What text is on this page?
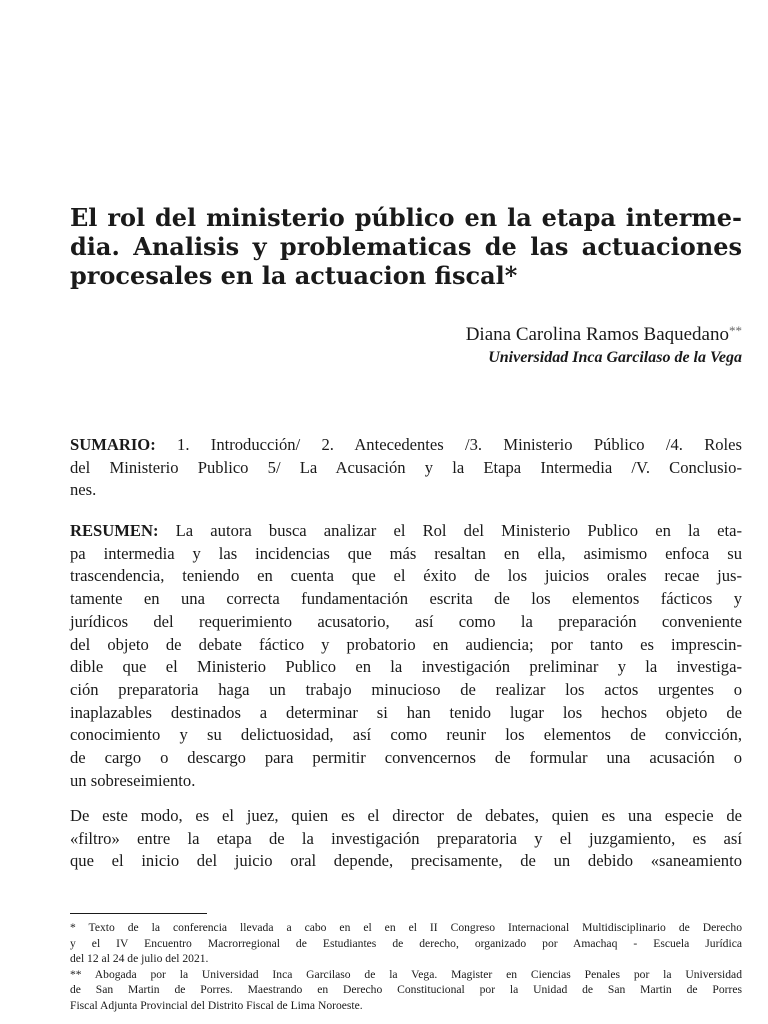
El rol del ministerio público en la etapa interme-
dia. Analisis y problematicas de las actuaciones
procesales en la actuacion fiscal*
Diana Carolina Ramos Baquedano**
Universidad Inca Garcilaso de la Vega
SUMARIO: 1. Introducción/ 2. Antecedentes /3. Ministerio Público /4. Roles
del Ministerio Publico 5/ La Acusación y la Etapa Intermedia /V. Conclusio-
nes.
RESUMEN: La autora busca analizar el Rol del Ministerio Publico en la eta-
pa intermedia y las incidencias que más resaltan en ella, asimismo enfoca su
trascendencia, teniendo en cuenta que el éxito de los juicios orales recae jus-
tamente en una correcta fundamentación escrita de los elementos fácticos y
jurídicos del requerimiento acusatorio, así como la preparación conveniente
del objeto de debate fáctico y probatorio en audiencia; por tanto es imprescin-
dible que el Ministerio Publico en la investigación preliminar y la investiga-
ción preparatoria haga un trabajo minucioso de realizar los actos urgentes o
inaplazables destinados a determinar si han tenido lugar los hechos objeto de
conocimiento y su delictuosidad, así como reunir los elementos de convicción,
de cargo o descargo para permitir convencernos de formular una acusación o
un sobreseimiento.
De este modo, es el juez, quien es el director de debates, quien es una especie de
«filtro» entre la etapa de la investigación preparatoria y el juzgamiento, es así
que el inicio del juicio oral depende, precisamente, de un debido «saneamiento
* Texto de la conferencia llevada a cabo en el en el II Congreso Internacional Multidisciplinario de Derecho
y el IV Encuentro Macrorregional de Estudiantes de derecho, organizado por Amachaq - Escuela Jurídica
del 12 al 24 de julio del 2021.
** Abogada por la Universidad Inca Garcilaso de la Vega. Magister en Ciencias Penales por la Universidad
de San Martin de Porres. Maestrando en Derecho Constitucional por la Unidad de San Martin de Porres
Fiscal Adjunta Provincial del Distrito Fiscal de Lima Noroeste.
